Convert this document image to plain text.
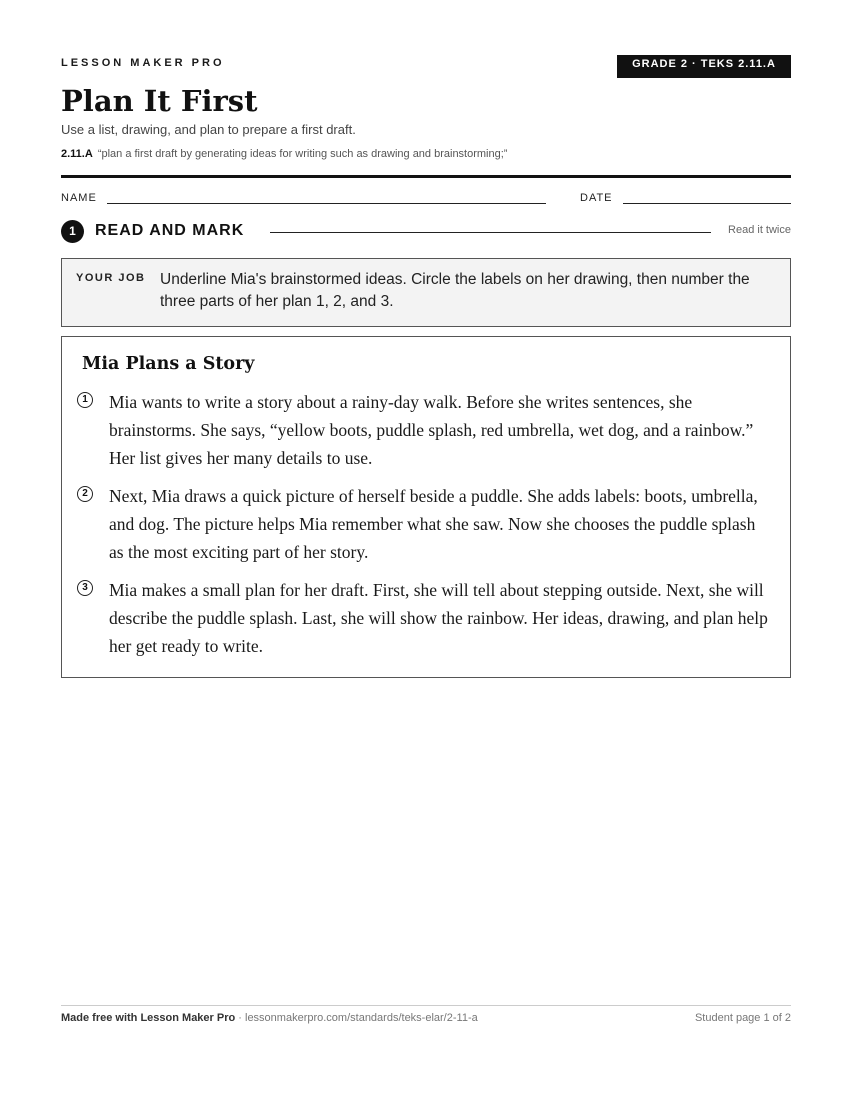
LESSON MAKER PRO	GRADE 2 · TEKS 2.11.A
Plan It First
Use a list, drawing, and plan to prepare a first draft.
2.11.A “plan a first draft by generating ideas for writing such as drawing and brainstorming;”
NAME	DATE
1	READ AND MARK	Read it twice
YOUR JOB Underline Mia's brainstormed ideas. Circle the labels on her drawing, then number the three parts of her plan 1, 2, and 3.
Mia Plans a Story
1 Mia wants to write a story about a rainy-day walk. Before she writes sentences, she brainstorms. She says, “yellow boots, puddle splash, red umbrella, wet dog, and a rainbow.” Her list gives her many details to use.
2 Next, Mia draws a quick picture of herself beside a puddle. She adds labels: boots, umbrella, and dog. The picture helps Mia remember what she saw. Now she chooses the puddle splash as the most exciting part of her story.
3 Mia makes a small plan for her draft. First, she will tell about stepping outside. Next, she will describe the puddle splash. Last, she will show the rainbow. Her ideas, drawing, and plan help her get ready to write.
Made free with Lesson Maker Pro · lessonmakerpro.com/standards/teks-elar/2-11-a	Student page 1 of 2
